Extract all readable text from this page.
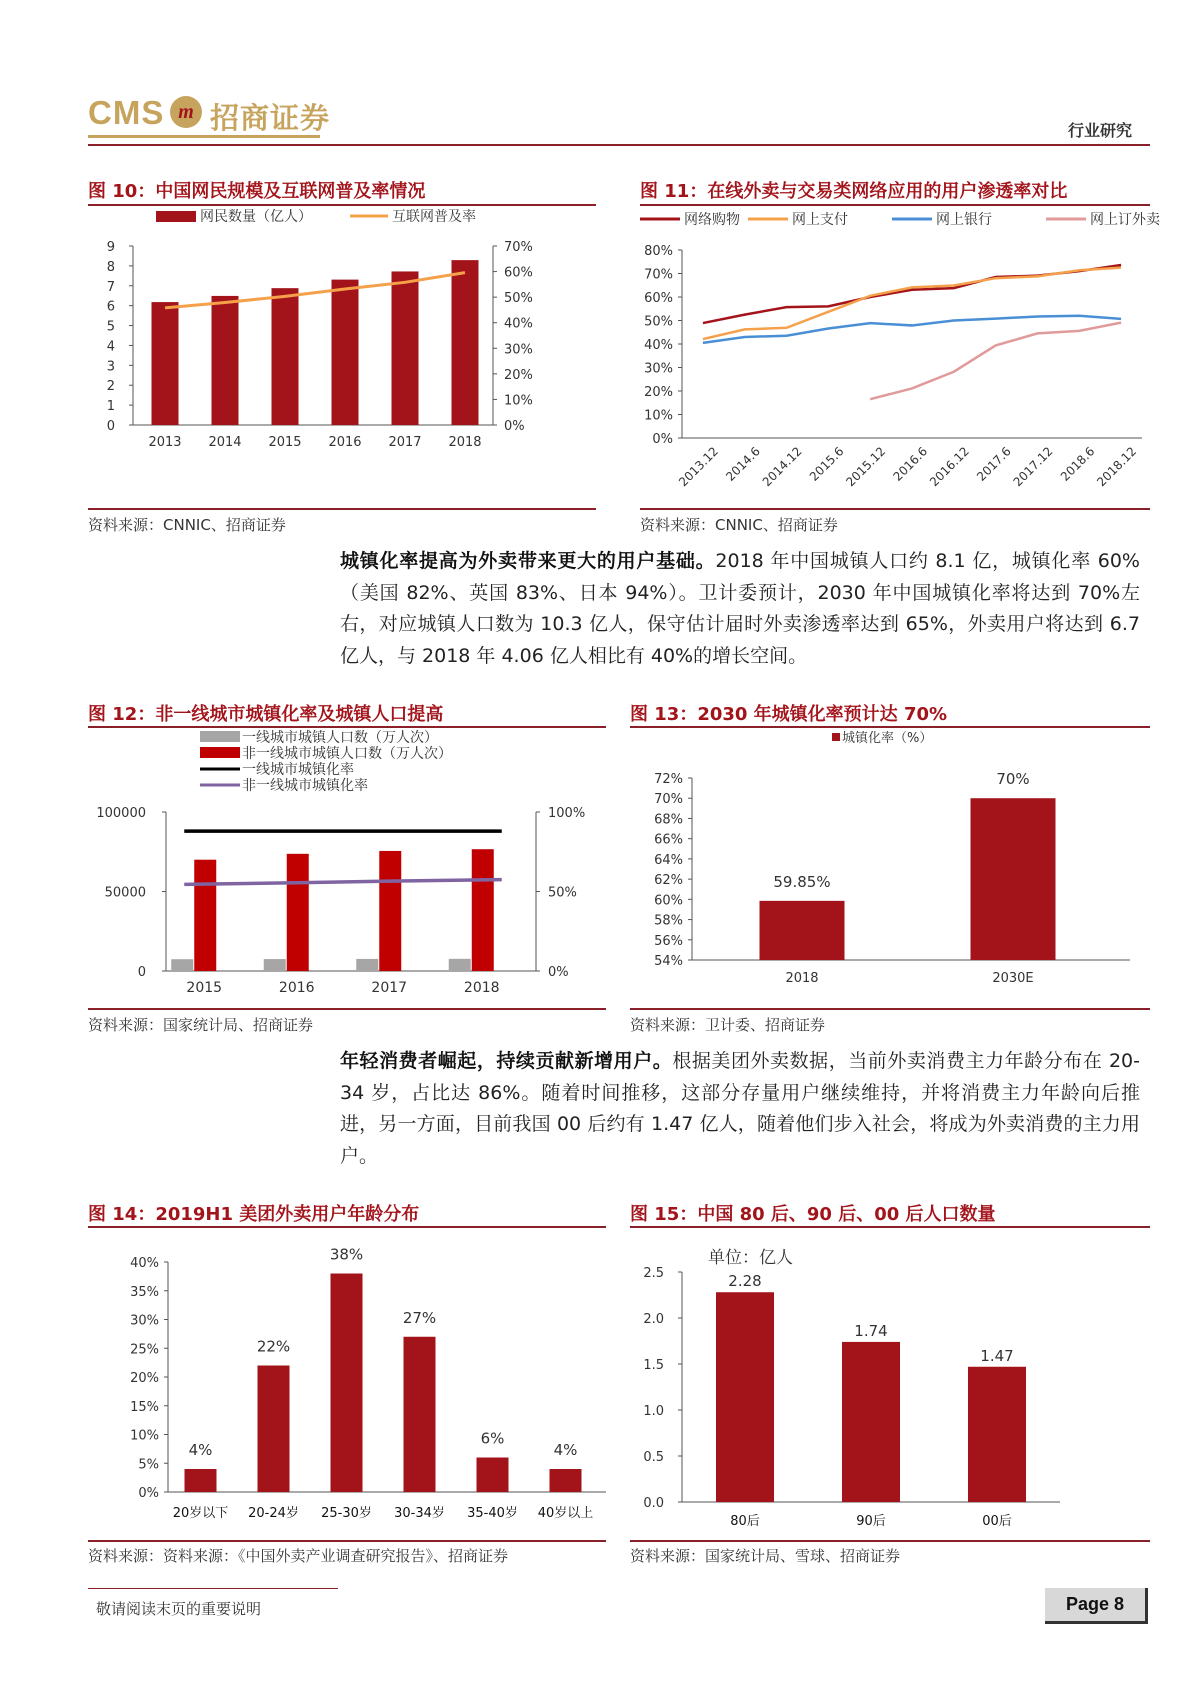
CMS m 招商证券	行业研究
图 10：中国网民规模及互联网普及率情况
网民数量（亿人）	互联网普及率
0
1
2
3
4
5
6
7
8
9
0%
10%
20%
30%
40%
50%
60%
70%
2013 2014 2015 2016 2017 2018
资料来源：CNNIC、招商证券
图 11：在线外卖与交易类网络应用的用户渗透率对比
网络购物	网上支付	网上银行	网上订外卖
0%
10%
20%
30%
40%
50%
60%
70%
80%
2013.12 2014.6
2014.12 2015.6
2015.12 2016.6
2016.12 2017.6
2017.12 2018.6
2018.12
资料来源：CNNIC、招商证券
城镇化率提高为外卖带来更大的用户基础。2018 年中国城镇人口约 8.1 亿，城镇化率 60%（美国 82%、英国 83%、日本 94%）。卫计委预计，2030 年中国城镇化率将达到 70%左右，对应城镇人口数为 10.3 亿人，保守估计届时外卖渗透率达到 65%，外卖用户将达到 6.7 亿人，与 2018 年 4.06 亿人相比有 40%的增长空间。
图 12：非一线城市城镇化率及城镇人口提高
一线城市城镇人口数（万人次）
非一线城市城镇人口数（万人次）
一线城市城镇化率
非一线城市城镇化率
0
50000
100000
0%
50%
100%
2015	2016	2017	2018
资料来源：国家统计局、招商证券
图 13：2030 年城镇化率预计达 70%
城镇化率（%）
54%
56%
58%
60%
62%
64%
66%
68%
70%
72%
59.85%
2018
70%
2030E
资料来源：卫计委、招商证券
年轻消费者崛起，持续贡献新增用户。根据美团外卖数据，当前外卖消费主力年龄分布在 20-34 岁，占比达 86%。随着时间推移，这部分存量用户继续维持，并将消费主力年龄向后推进，另一方面，目前我国 00 后约有 1.47 亿人，随着他们步入社会，将成为外卖消费的主力用户。
图 14：2019H1 美团外卖用户年龄分布
0%
5%
10%
15%
20%
25%
30%
35%
40%
4%
20岁以下
22%
20-24岁
38%
25-30岁
27%
30-34岁
6%
35-40岁
4%
40岁以上
资料来源：资料来源：《中国外卖产业调查研究报告》、招商证券
图 15：中国 80 后、90 后、00 后人口数量
单位：亿人
0.0
0.5
1.0
1.5
2.0
2.5	2.28
80后
1.74
90后
1.47
00后
资料来源：国家统计局、雪球、招商证券
敬请阅读末页的重要说明	Page 8
